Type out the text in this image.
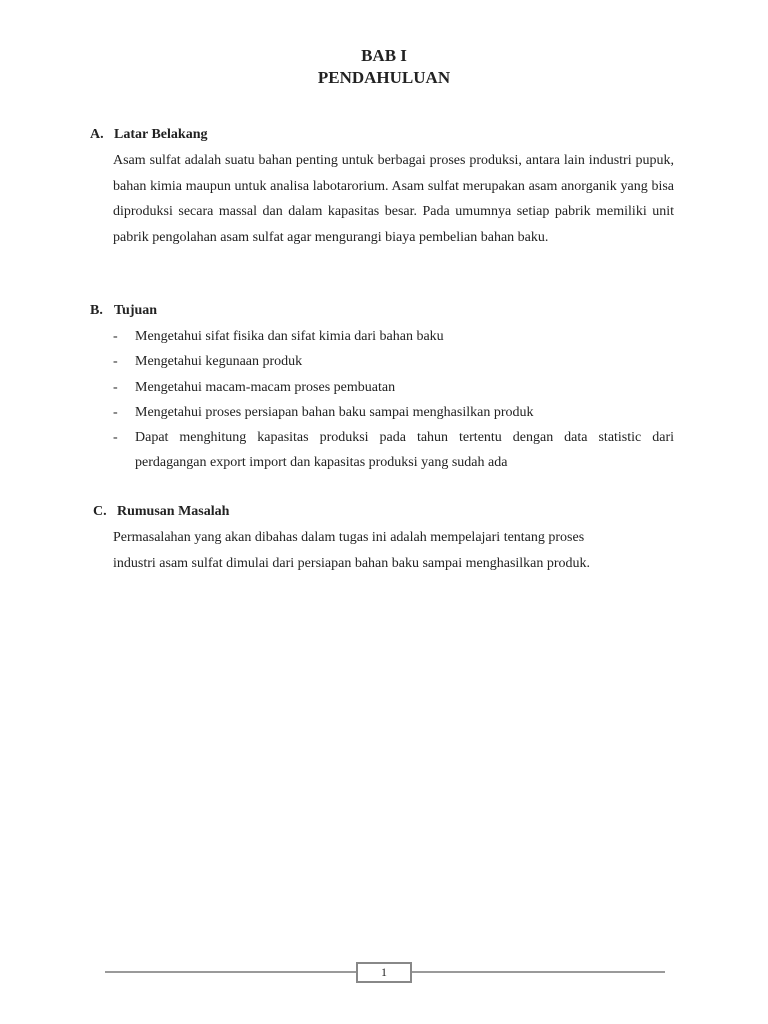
BAB I
PENDAHULUAN
A. Latar Belakang
Asam sulfat adalah suatu bahan penting untuk berbagai proses produksi, antara lain industri pupuk, bahan kimia maupun untuk analisa labotarorium. Asam sulfat merupakan asam anorganik yang bisa diproduksi secara massal dan dalam kapasitas besar. Pada umumnya setiap pabrik memiliki unit pabrik pengolahan asam sulfat agar mengurangi biaya pembelian bahan baku.
B. Tujuan
- Mengetahui sifat fisika dan sifat kimia dari bahan baku
- Mengetahui kegunaan produk
- Mengetahui macam-macam proses pembuatan
- Mengetahui proses persiapan bahan baku sampai menghasilkan produk
- Dapat menghitung kapasitas produksi pada tahun tertentu dengan data statistic dari perdagangan export import dan kapasitas produksi yang sudah ada
C. Rumusan Masalah
Permasalahan yang akan dibahas dalam tugas ini adalah mempelajari tentang proses
industri asam sulfat dimulai dari persiapan bahan baku sampai menghasilkan produk.
1
